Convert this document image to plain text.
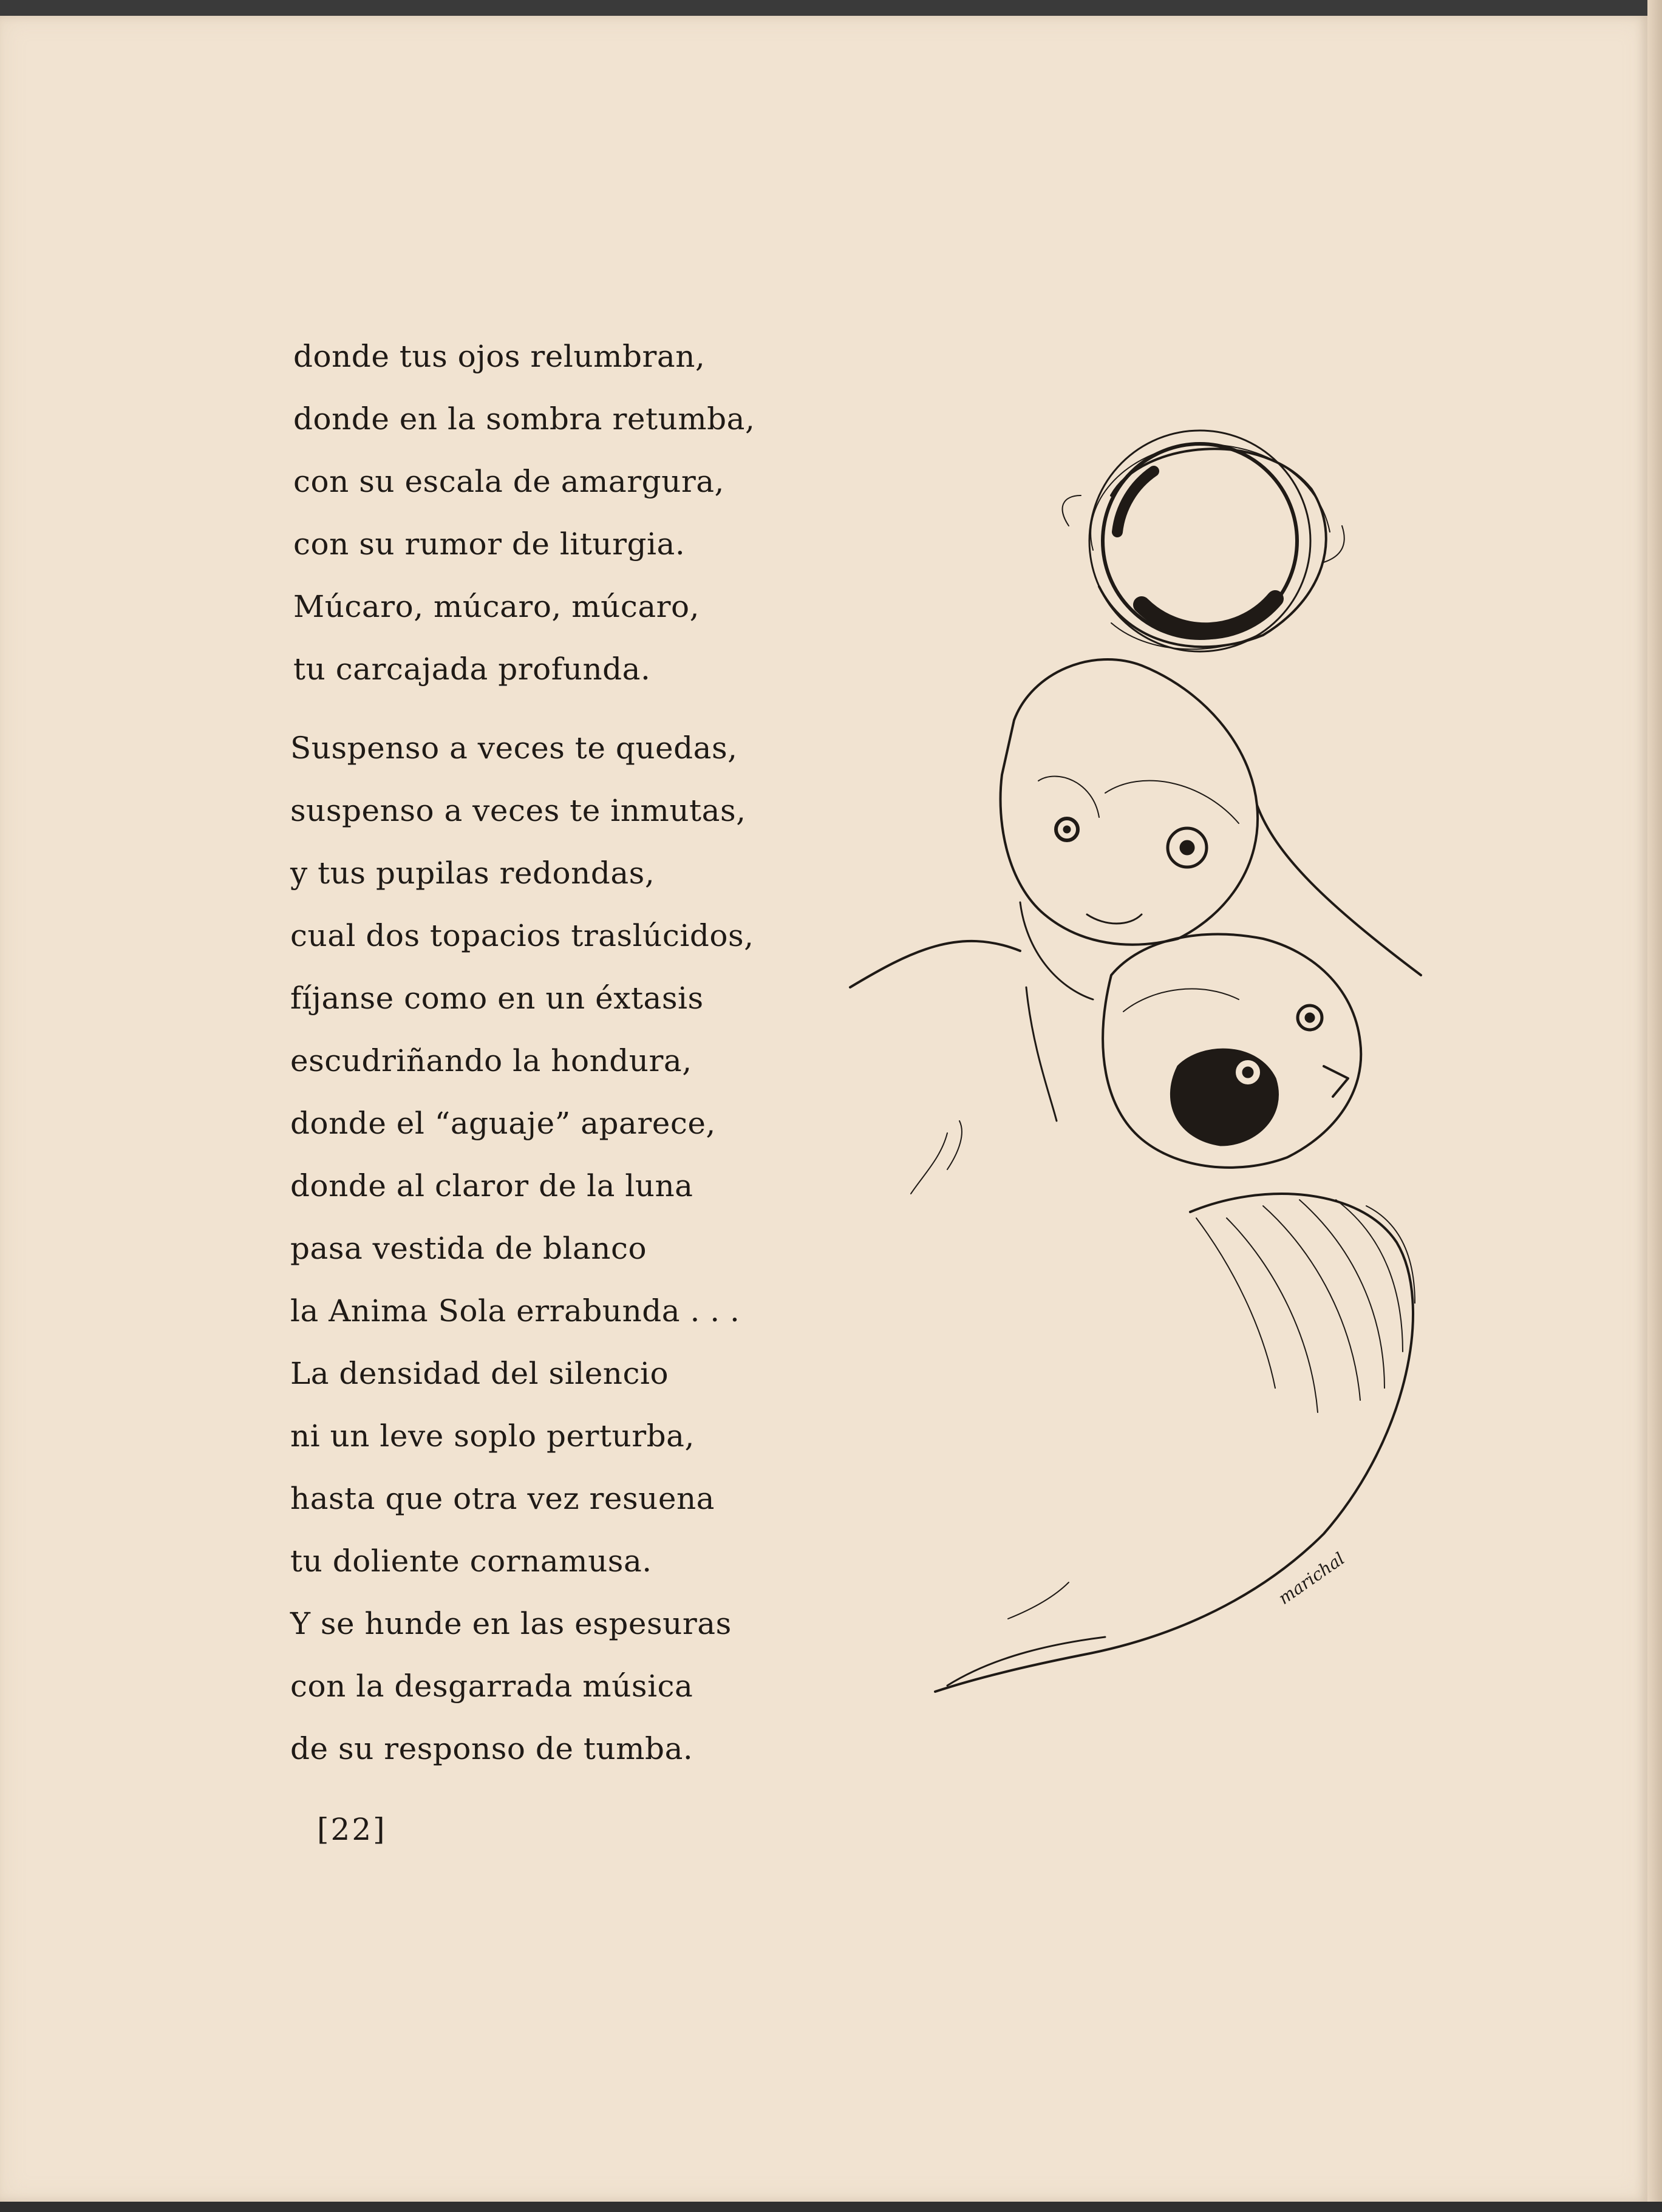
donde tus ojos relumbran,
donde en la sombra retumba,
con su escala de amargura,
con su rumor de liturgia.
Múcaro, múcaro, múcaro,
tu carcajada profunda.
Suspenso a veces te quedas,
suspenso a veces te inmutas,
y tus pupilas redondas,
cual dos topacios traslúcidos,
fíjanse como en un éxtasis
escudriñando la hondura,
donde el “aguaje” aparece,
donde al claror de la luna
pasa vestida de blanco
la Anima Sola errabunda . . .
La densidad del silencio
ni un leve soplo perturba,
hasta que otra vez resuena
tu doliente cornamusa.
Y se hunde en las espesuras
con la desgarrada música
de su responso de tumba.
[22]
marichal
